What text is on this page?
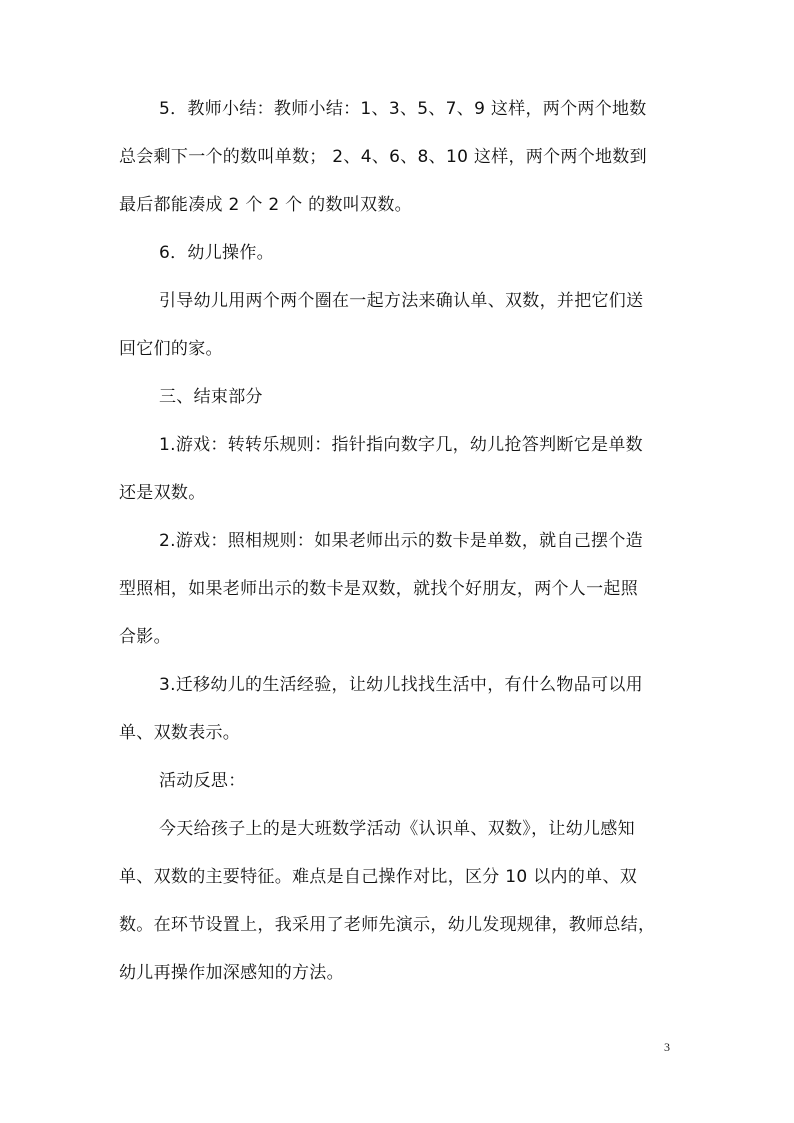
5．教师小结：教师小结：1、3、5、7、9 这样，两个两个地数
总会剩下一个的数叫单数； 2、4、6、8、10 这样，两个两个地数到
最后都能凑成 2 个 2 个 的数叫双数。
6．幼儿操作。
引导幼儿用两个两个圈在一起方法来确认单、双数，并把它们送
回它们的家。
三、结束部分
1.游戏：转转乐规则：指针指向数字几，幼儿抢答判断它是单数
还是双数。
2.游戏：照相规则：如果老师出示的数卡是单数，就自己摆个造
型照相，如果老师出示的数卡是双数，就找个好朋友，两个人一起照
合影。
3.迁移幼儿的生活经验，让幼儿找找生活中，有什么物品可以用
单、双数表示。
活动反思：
今天给孩子上的是大班数学活动《认识单、双数》，让幼儿感知
单、双数的主要特征。难点是自己操作对比，区分 10 以内的单、双
数。在环节设置上，我采用了老师先演示，幼儿发现规律，教师总结，
幼儿再操作加深感知的方法。
3
